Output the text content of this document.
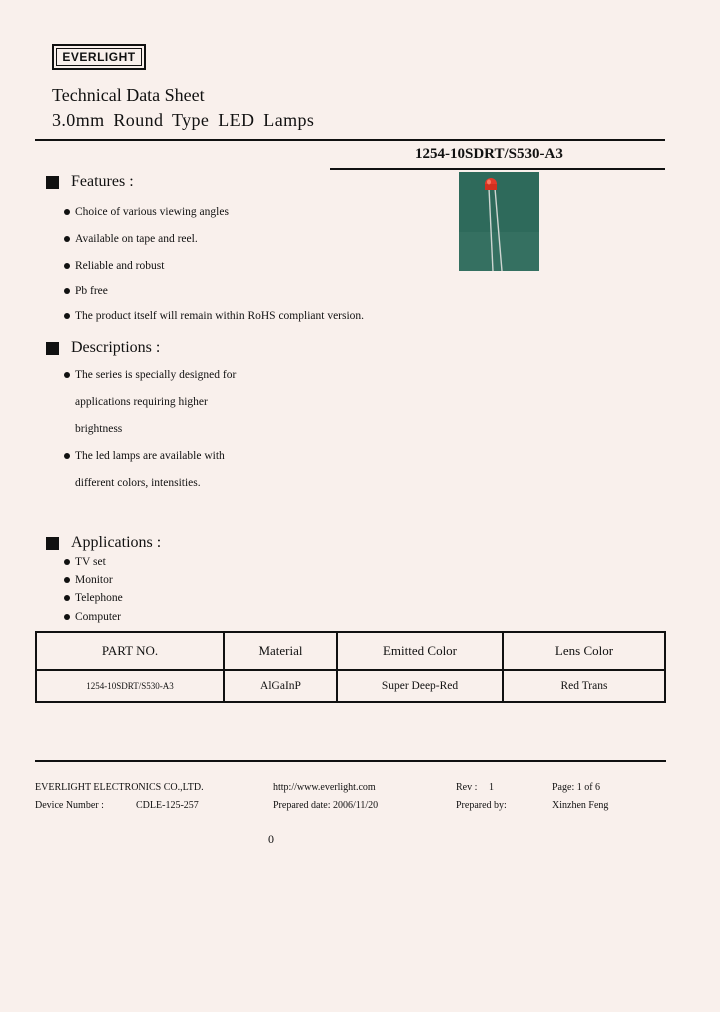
EVERLIGHT
Technical Data Sheet
3.0mm Round Type LED Lamps
1254-10SDRT/S530-A3
Features :
Choice of various viewing angles
Available on tape and reel.
Reliable and robust
Pb free
The product itself will remain within RoHS compliant version.
Descriptions :
The series is specially designed for
applications requiring higher
brightness
The led lamps are available with
different colors, intensities.
Applications :
TV set
Monitor
Telephone
Computer
PART NO.	Material	Emitted Color	Lens Color
1254-10SDRT/S530-A3	AlGaInP	Super Deep-Red	Red Trans
EVERLIGHT ELECTRONICS CO.,LTD.	http://www.everlight.com	Rev : 1	Page: 1 of 6
Device Number :	CDLE-125-257	Prepared date: 2006/11/20	Prepared by:	Xinzhen Feng
0
